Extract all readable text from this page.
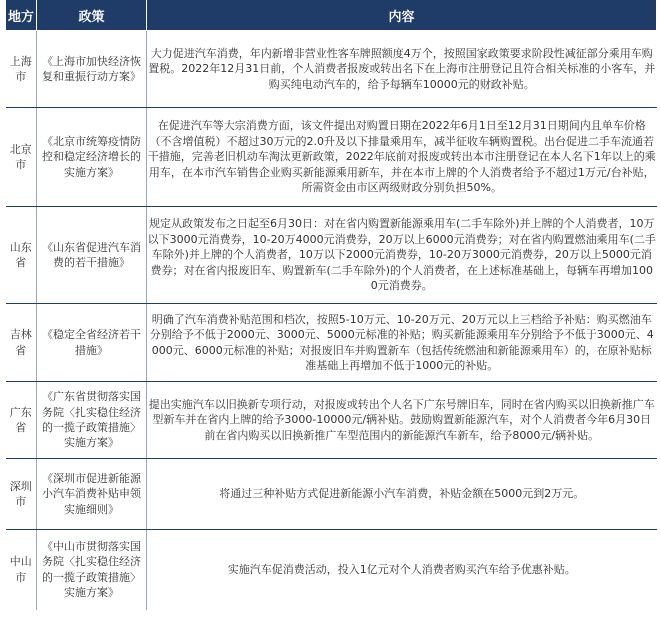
地方	政策	内容
上海市	《上海市加快经济恢复和重振行动方案》	大力促进汽车消费，年内新增非营业性客车牌照额度4万个，按照国家政策要求阶段性减征部分乘用车购置税。2022年12月31日前，个人消费者报废或转出名下在上海市注册登记且符合相关标准的小客车，并购买纯电动汽车的，给予每辆车10000元的财政补贴。
北京市	《北京市统筹疫情防控和稳定经济增长的实施方案》	在促进汽车等大宗消费方面，该文件提出对购置日期在2022年6月1日至12月31日期间内且单车价格（不含增值税）不超过30万元的2.0升及以下排量乘用车，减半征收车辆购置税。出台促进二手车流通若干措施，完善老旧机动车淘汰更新政策，2022年底前对报废或转出本市注册登记在本人名下1年以上的乘用车，在本市汽车销售企业购买新能源乘用新车，并在本市上牌的个人消费者给予不超过1万元/台补贴，所需资金由市区两级财政分别负担50%。
山东省	《山东省促进汽车消费的若干措施》	规定从政策发布之日起至6月30日：对在省内购置新能源乘用车(二手车除外)并上牌的个人消费者，10万以下3000元消费券，10-20万4000元消费券，20万以上6000元消费券；对在省内购置燃油乘用车(二手车除外)并上牌的个人消费者，10万以下2000元消费券，10-20万3000元消费券，20万以上5000元消费券；对在省内报废旧车、购置新车(二手车除外)的个人消费者，在上述标准基础上，每辆车再增加1000元消费券。
吉林省	《稳定全省经济若干措施》	明确了汽车消费补贴范围和档次，按照5-10万元、10-20万元、20万元以上三档给予补贴：购买燃油车分别给予不低于2000元、3000元、5000元标准的补贴；购买新能源乘用车分别给予不低于3000元、4000元、6000元标准的补贴；对报废旧车并购置新车（包括传统燃油和新能源乘用车）的，在原补贴标准基础上再增加不低于1000元的补贴。
广东省	《广东省贯彻落实国务院〈扎实稳住经济的一揽子政策措施〉实施方案》	提出实施汽车以旧换新专项行动，对报废或转出个人名下广东号牌旧车，同时在省内购买以旧换新推广车型新车并在省内上牌的给予3000-10000元/辆补贴。鼓励购置新能源汽车，对个人消费者今年6月30日前在省内购买以旧换新推广车型范围内的新能源汽车新车，给予8000元/辆补贴。
深圳市	《深圳市促进新能源小汽车消费补贴申领实施细则》	将通过三种补贴方式促进新能源小汽车消费，补贴金额在5000元到2万元。
中山市	《中山市贯彻落实国务院〈扎实稳住经济的一揽子政策措施〉实施方案》	实施汽车促消费活动，投入1亿元对个人消费者购买汽车给予优惠补贴。
